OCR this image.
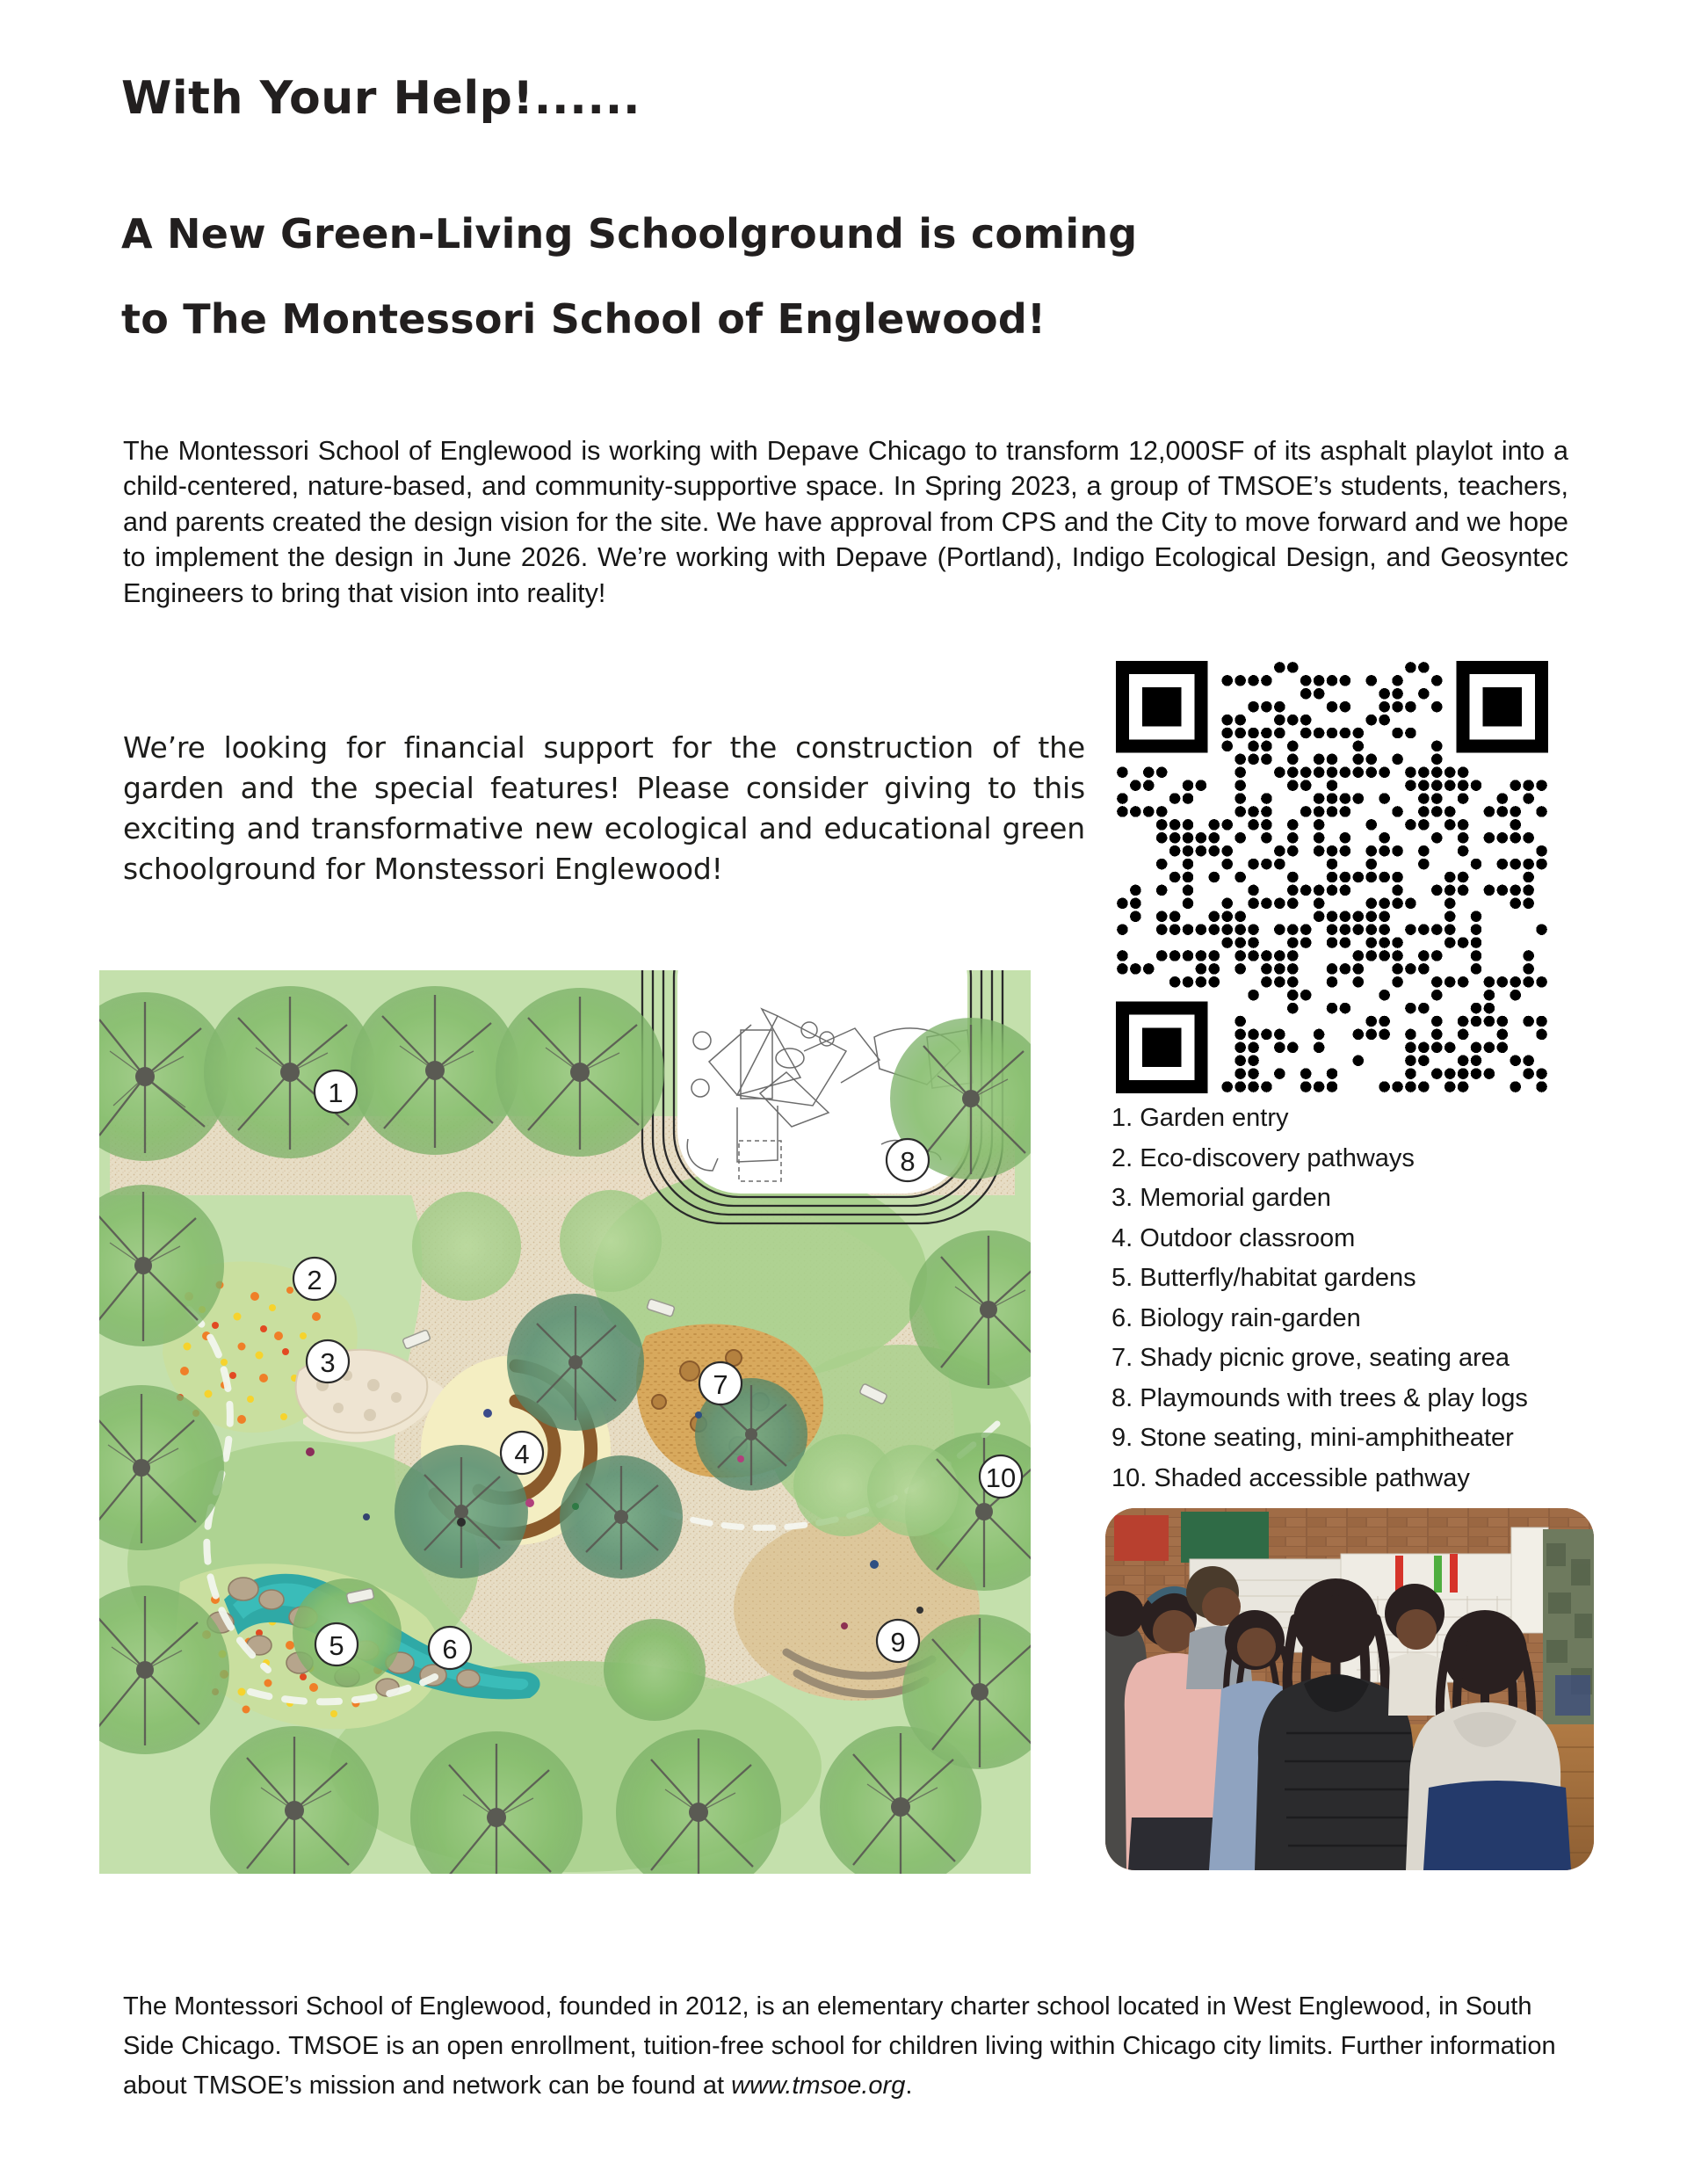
With Your Help!......
A New Green-Living Schoolground is coming
to The Montessori School of Englewood!

The Montessori School of Englewood is working with Depave Chicago to transform 12,000SF of its asphalt playlot into a child-centered, nature-based, and community-supportive space. In Spring 2023, a group of TMSOE’s students, teachers, and parents created the design vision for the site. We have approval from CPS and the City to move forward and we hope to implement the design in June 2026. We’re working with Depave (Portland), Indigo Ecological Design, and Geosyntec Engineers to bring that vision into reality!

We’re looking for financial support for the construction of the garden and the special features! Please consider giving to this exciting and transformative new ecological and educational green schoolground for Monstessori Englewood!

1. Garden entry
2. Eco-discovery pathways
3. Memorial garden
4. Outdoor classroom
5. Butterfly/habitat gardens
6. Biology rain-garden
7. Shady picnic grove, seating area
8. Playmounds with trees & play logs
9. Stone seating, mini-amphitheater
10. Shaded accessible pathway
1
2
3
4
5	6
7
8
9
10

The Montessori School of Englewood, founded in 2012, is an elementary charter school located in West Englewood, in South Side Chicago. TMSOE is an open enrollment, tuition-free school for children living within Chicago city limits. Further information about TMSOE’s mission and network can be found at www.tmsoe.org.
